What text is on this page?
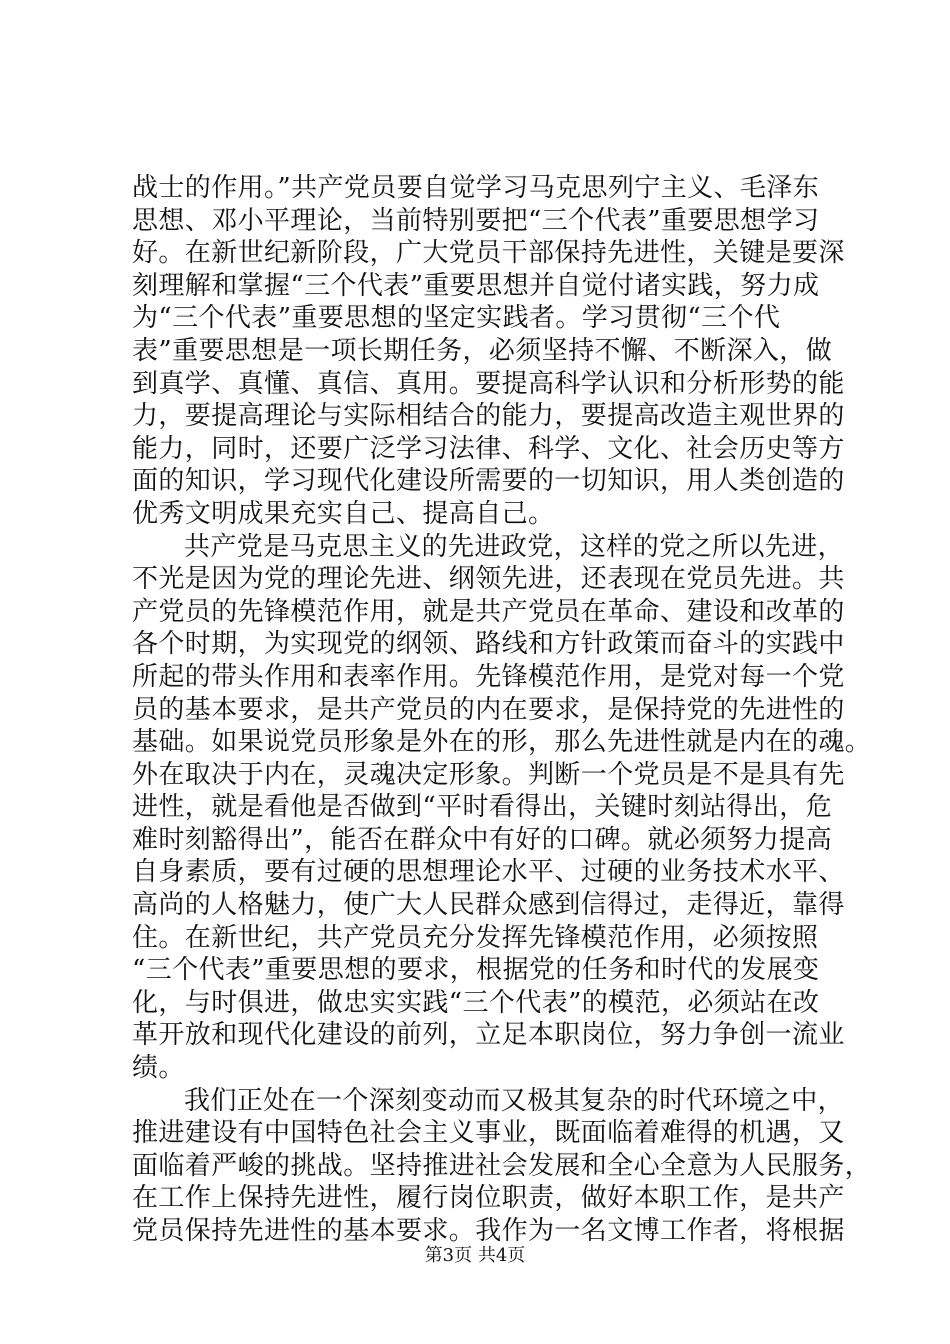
战士的作用。”共产党员要自觉学习马克思列宁主义、毛泽东
思想、邓小平理论，当前特别要把“三个代表”重要思想学习
好。在新世纪新阶段，广大党员干部保持先进性，关键是要深
刻理解和掌握“三个代表”重要思想并自觉付诸实践，努力成
为“三个代表”重要思想的坚定实践者。学习贯彻“三个代
表”重要思想是一项长期任务，必须坚持不懈、不断深入，做
到真学、真懂、真信、真用。要提高科学认识和分析形势的能
力，要提高理论与实际相结合的能力，要提高改造主观世界的
能力，同时，还要广泛学习法律、科学、文化、社会历史等方
面的知识，学习现代化建设所需要的一切知识，用人类创造的
优秀文明成果充实自己、提高自己。
共产党是马克思主义的先进政党，这样的党之所以先进，
不光是因为党的理论先进、纲领先进，还表现在党员先进。共
产党员的先锋模范作用，就是共产党员在革命、建设和改革的
各个时期，为实现党的纲领、路线和方针政策而奋斗的实践中
所起的带头作用和表率作用。先锋模范作用，是党对每一个党
员的基本要求，是共产党员的内在要求，是保持党的先进性的
基础。如果说党员形象是外在的形，那么先进性就是内在的魂。
外在取决于内在，灵魂决定形象。判断一个党员是不是具有先
进性，就是看他是否做到“平时看得出，关键时刻站得出，危
难时刻豁得出”，能否在群众中有好的口碑。就必须努力提高
自身素质，要有过硬的思想理论水平、过硬的业务技术水平、
高尚的人格魅力，使广大人民群众感到信得过，走得近，靠得
住。在新世纪，共产党员充分发挥先锋模范作用，必须按照
“三个代表”重要思想的要求，根据党的任务和时代的发展变
化，与时俱进，做忠实实践“三个代表”的模范，必须站在改
革开放和现代化建设的前列，立足本职岗位，努力争创一流业
绩。
我们正处在一个深刻变动而又极其复杂的时代环境之中，
推进建设有中国特色社会主义事业，既面临着难得的机遇，又
面临着严峻的挑战。坚持推进社会发展和全心全意为人民服务，
在工作上保持先进性，履行岗位职责，做好本职工作，是共产
党员保持先进性的基本要求。我作为一名文博工作者，将根据
第3页 共4页
